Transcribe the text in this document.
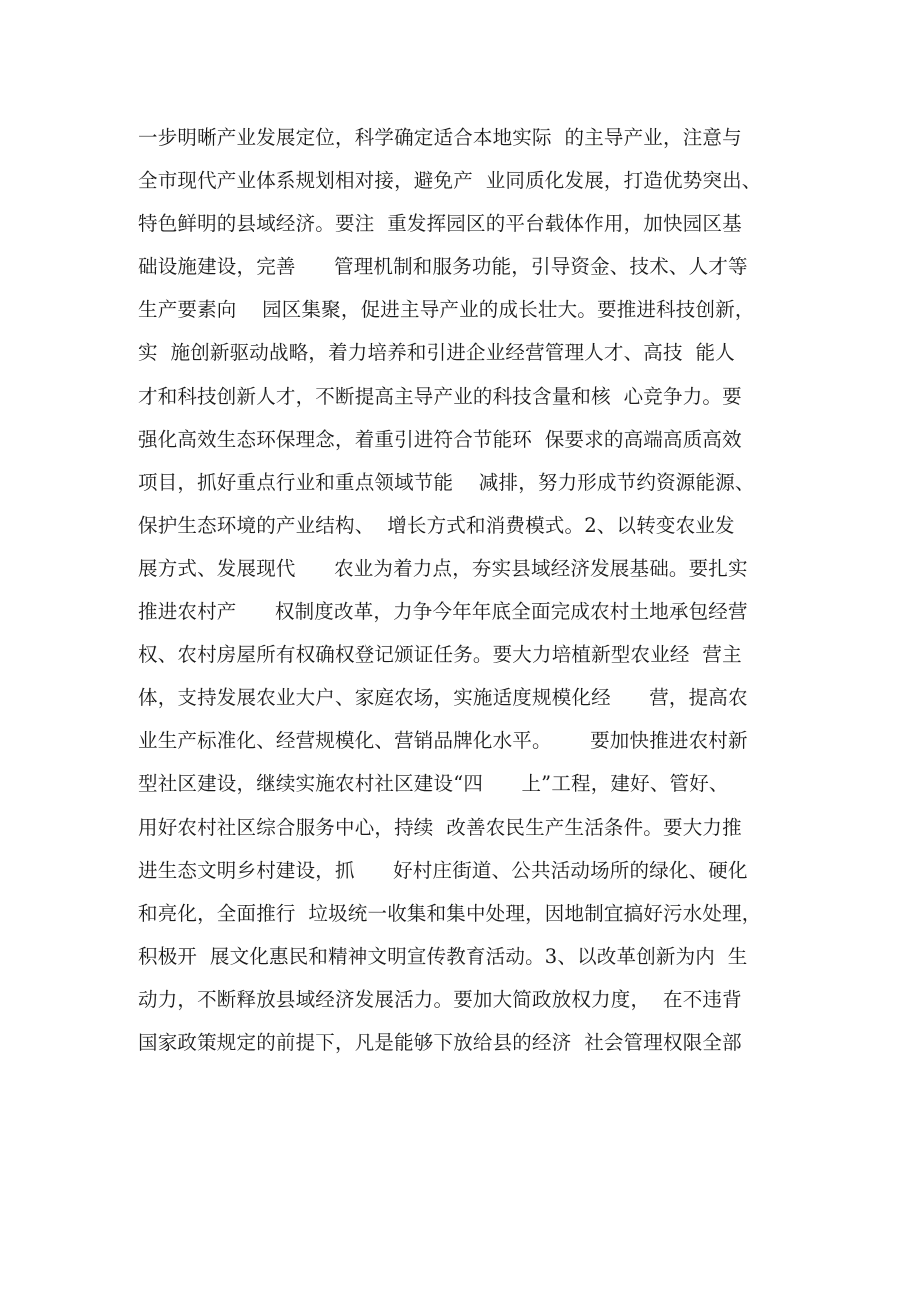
一步明晰产业发展定位，科学确定适合本地实际  的主导产业，注意与
全市现代产业体系规划相对接，避免产  业同质化发展，打造优势突出、
特色鲜明的县域经济。要注  重发挥园区的平台载体作用，加快园区基
础设施建设，完善      管理机制和服务功能，引导资金、技术、人才等
生产要素向    园区集聚，促进主导产业的成长壮大。要推进科技创新，
实  施创新驱动战略，着力培养和引进企业经营管理人才、高技  能人
才和科技创新人才，不断提高主导产业的科技含量和核  心竞争力。要
强化高效生态环保理念，着重引进符合节能环  保要求的高端高质高效
项目，抓好重点行业和重点领域节能    减排，努力形成节约资源能源、
保护生态环境的产业结构、  增长方式和消费模式。2、以转变农业发
展方式、发展现代      农业为着力点，夯实县域经济发展基础。要扎实
推进农村产      权制度改革，力争今年年底全面完成农村土地承包经营
权、农村房屋所有权确权登记颁证任务。要大力培植新型农业经  营主
体，支持发展农业大户、家庭农场，实施适度规模化经      营，提高农
业生产标准化、经营规模化、营销品牌化水平。      要加快推进农村新
型社区建设，继续实施农村社区建设“四      上”工程，建好、管好、
用好农村社区综合服务中心，持续  改善农民生产生活条件。要大力推
进生态文明乡村建设，抓      好村庄街道、公共活动场所的绿化、硬化
和亮化，全面推行  垃圾统一收集和集中处理，因地制宜搞好污水处理，
积极开  展文化惠民和精神文明宣传教育活动。3、以改革创新为内  生
动力，不断释放县域经济发展活力。要加大简政放权力度，  在不违背
国家政策规定的前提下，凡是能够下放给县的经济  社会管理权限全部
